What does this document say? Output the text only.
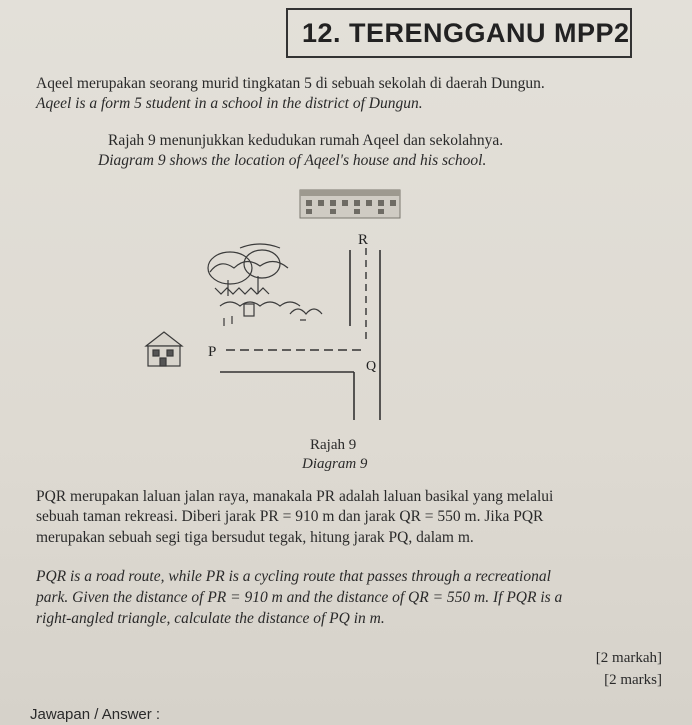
12. TERENGGANU MPP2
Aqeel merupakan seorang murid tingkatan 5 di sebuah sekolah di daerah Dungun.
Aqeel is a form 5 student in a school in the district of Dungun.
Rajah 9 menunjukkan kedudukan rumah Aqeel dan sekolahnya.
Diagram 9 shows the location of Aqeel's house and his school.
R
P
Q
Rajah 9
Diagram 9
PQR merupakan laluan jalan raya, manakala PR adalah laluan basikal yang melalui
sebuah taman rekreasi. Diberi jarak PR = 910 m dan jarak QR = 550 m. Jika PQR
merupakan sebuah segi tiga bersudut tegak, hitung jarak PQ, dalam m.
PQR is a road route, while PR is a cycling route that passes through a recreational
park. Given the distance of PR = 910 m and the distance of QR = 550 m. If PQR is a
right-angled triangle, calculate the distance of PQ in m.
[2 markah]
[2 marks]
Jawapan / Answer :
